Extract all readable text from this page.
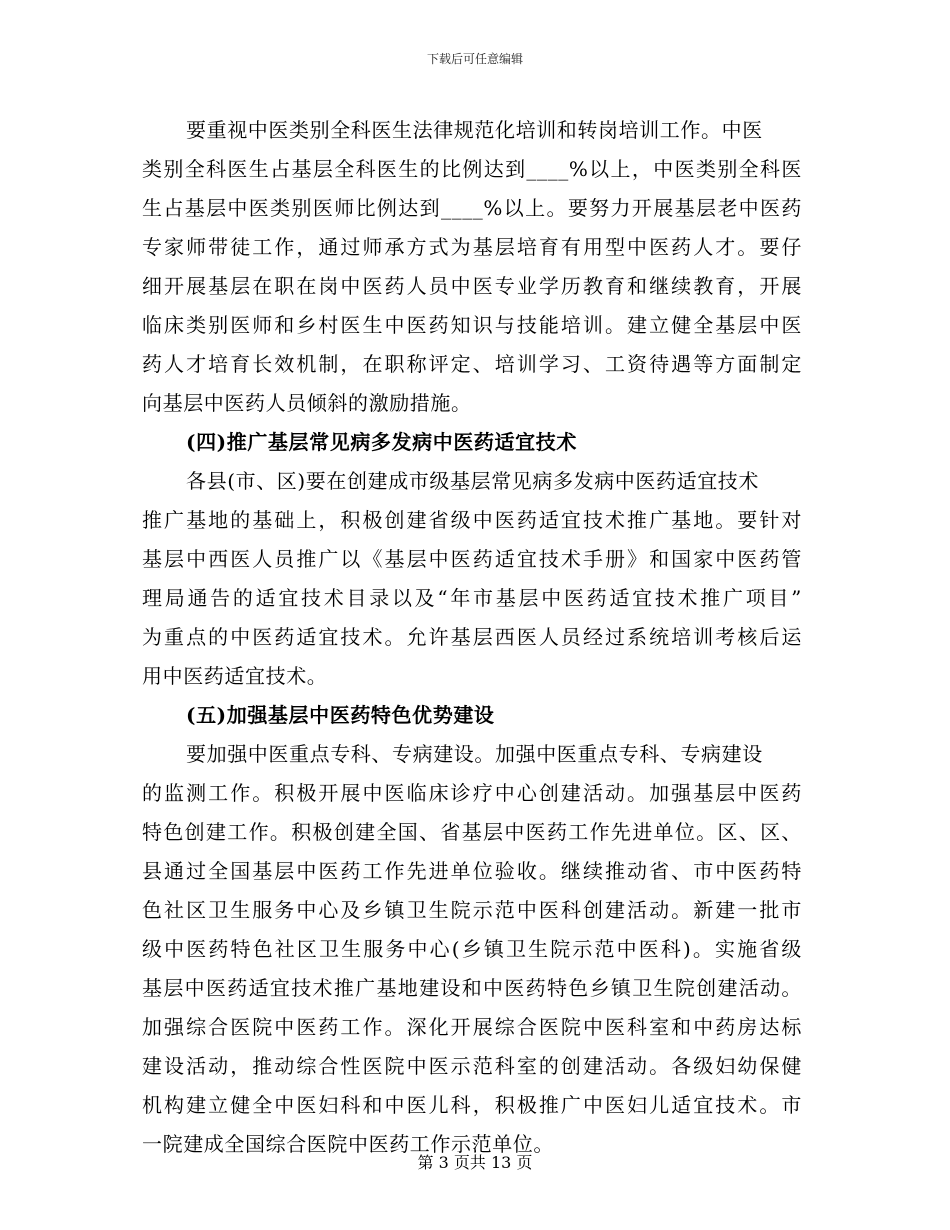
下载后可任意编辑
要重视中医类别全科医生法律规范化培训和转岗培训工作。中医
类别全科医生占基层全科医生的比例达到____%以上，中医类别全科医
生占基层中医类别医师比例达到____%以上。要努力开展基层老中医药
专家师带徒工作，通过师承方式为基层培育有用型中医药人才。要仔
细开展基层在职在岗中医药人员中医专业学历教育和继续教育，开展
临床类别医师和乡村医生中医药知识与技能培训。建立健全基层中医
药人才培育长效机制，在职称评定、培训学习、工资待遇等方面制定
向基层中医药人员倾斜的激励措施。
(四)推广基层常见病多发病中医药适宜技术
各县(市、区)要在创建成市级基层常见病多发病中医药适宜技术
推广基地的基础上，积极创建省级中医药适宜技术推广基地。要针对
基层中西医人员推广以《基层中医药适宜技术手册》和国家中医药管
理局通告的适宜技术目录以及“年市基层中医药适宜技术推广项目”
为重点的中医药适宜技术。允许基层西医人员经过系统培训考核后运
用中医药适宜技术。
(五)加强基层中医药特色优势建设
要加强中医重点专科、专病建设。加强中医重点专科、专病建设
的监测工作。积极开展中医临床诊疗中心创建活动。加强基层中医药
特色创建工作。积极创建全国、省基层中医药工作先进单位。区、区、
县通过全国基层中医药工作先进单位验收。继续推动省、市中医药特
色社区卫生服务中心及乡镇卫生院示范中医科创建活动。新建一批市
级中医药特色社区卫生服务中心(乡镇卫生院示范中医科)。实施省级
基层中医药适宜技术推广基地建设和中医药特色乡镇卫生院创建活动。
加强综合医院中医药工作。深化开展综合医院中医科室和中药房达标
建设活动，推动综合性医院中医示范科室的创建活动。各级妇幼保健
机构建立健全中医妇科和中医儿科，积极推广中医妇儿适宜技术。市
一院建成全国综合医院中医药工作示范单位。
第 3 页共 13 页
